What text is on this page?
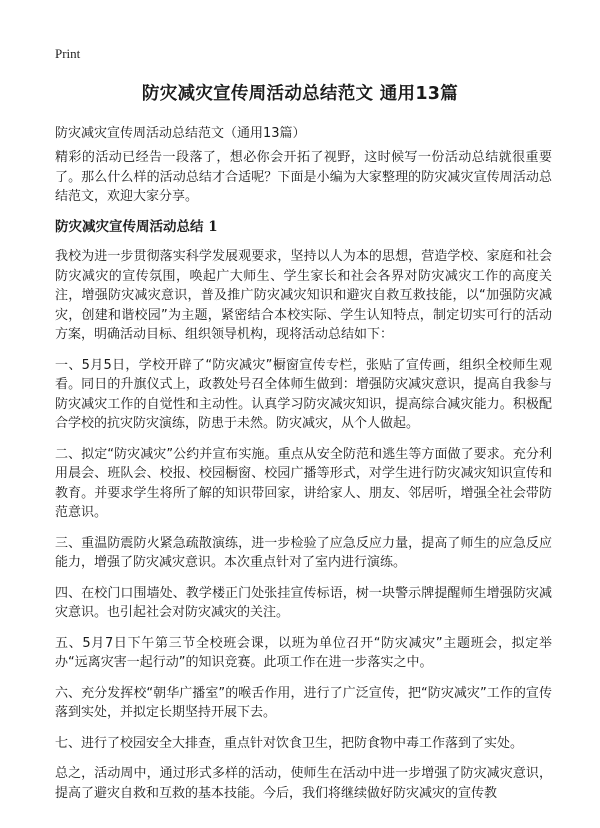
Print
防灾减灾宣传周活动总结范文 通用13篇
防灾减灾宣传周活动总结范文（通用13篇）

精彩的活动已经告一段落了，想必你会开拓了视野，这时候写一份活动总结就很重要了。那么什么样的活动总结才合适呢？下面是小编为大家整理的防灾减灾宣传周活动总结范文，欢迎大家分享。

防灾减灾宣传周活动总结 1

我校为进一步贯彻落实科学发展观要求，坚持以人为本的思想，营造学校、家庭和社会防灾减灾的宣传氛围，唤起广大师生、学生家长和社会各界对防灾减灾工作的高度关注，增强防灾减灾意识，普及推广防灾减灾知识和避灾自救互救技能，以“加强防灾减灾，创建和谐校园”为主题，紧密结合本校实际、学生认知特点，制定切实可行的活动方案，明确活动目标、组织领导机构，现将活动总结如下：

一、5月5日，学校开辟了“防灾减灾”橱窗宣传专栏，张贴了宣传画，组织全校师生观看。同日的升旗仪式上，政教处号召全体师生做到：增强防灾减灾意识，提高自我参与防灾减灾工作的自觉性和主动性。认真学习防灾减灾知识，提高综合减灾能力。积极配合学校的抗灾防灾演练，防患于未然。防灾减灾，从个人做起。

二、拟定“防灾减灾”公约并宣布实施。重点从安全防范和逃生等方面做了要求。充分利用晨会、班队会、校报、校园橱窗、校园广播等形式，对学生进行防灾减灾知识宣传和教育。并要求学生将所了解的知识带回家，讲给家人、朋友、邻居听，增强全社会带防范意识。

三、重温防震防火紧急疏散演练，进一步检验了应急反应力量，提高了师生的应急反应能力，增强了防灾减灾意识。本次重点针对了室内进行演练。

四、在校门口围墙处、教学楼正门处张挂宣传标语，树一块警示牌提醒师生增强防灾减灾意识。也引起社会对防灾减灾的关注。

五、5月7日下午第三节全校班会课，以班为单位召开“防灾减灾”主题班会，拟定举办“远离灾害一起行动”的知识竞赛。此项工作在进一步落实之中。

六、充分发挥校“朝华广播室”的喉舌作用，进行了广泛宣传，把“防灾减灾”工作的宣传落到实处，并拟定长期坚持开展下去。

七、进行了校园安全大排查，重点针对饮食卫生，把防食物中毒工作落到了实处。

总之，活动周中，通过形式多样的活动，使师生在活动中进一步增强了防灾减灾意识，提高了避灾自救和互救的基本技能。今后，我们将继续做好防灾减灾的宣传教
